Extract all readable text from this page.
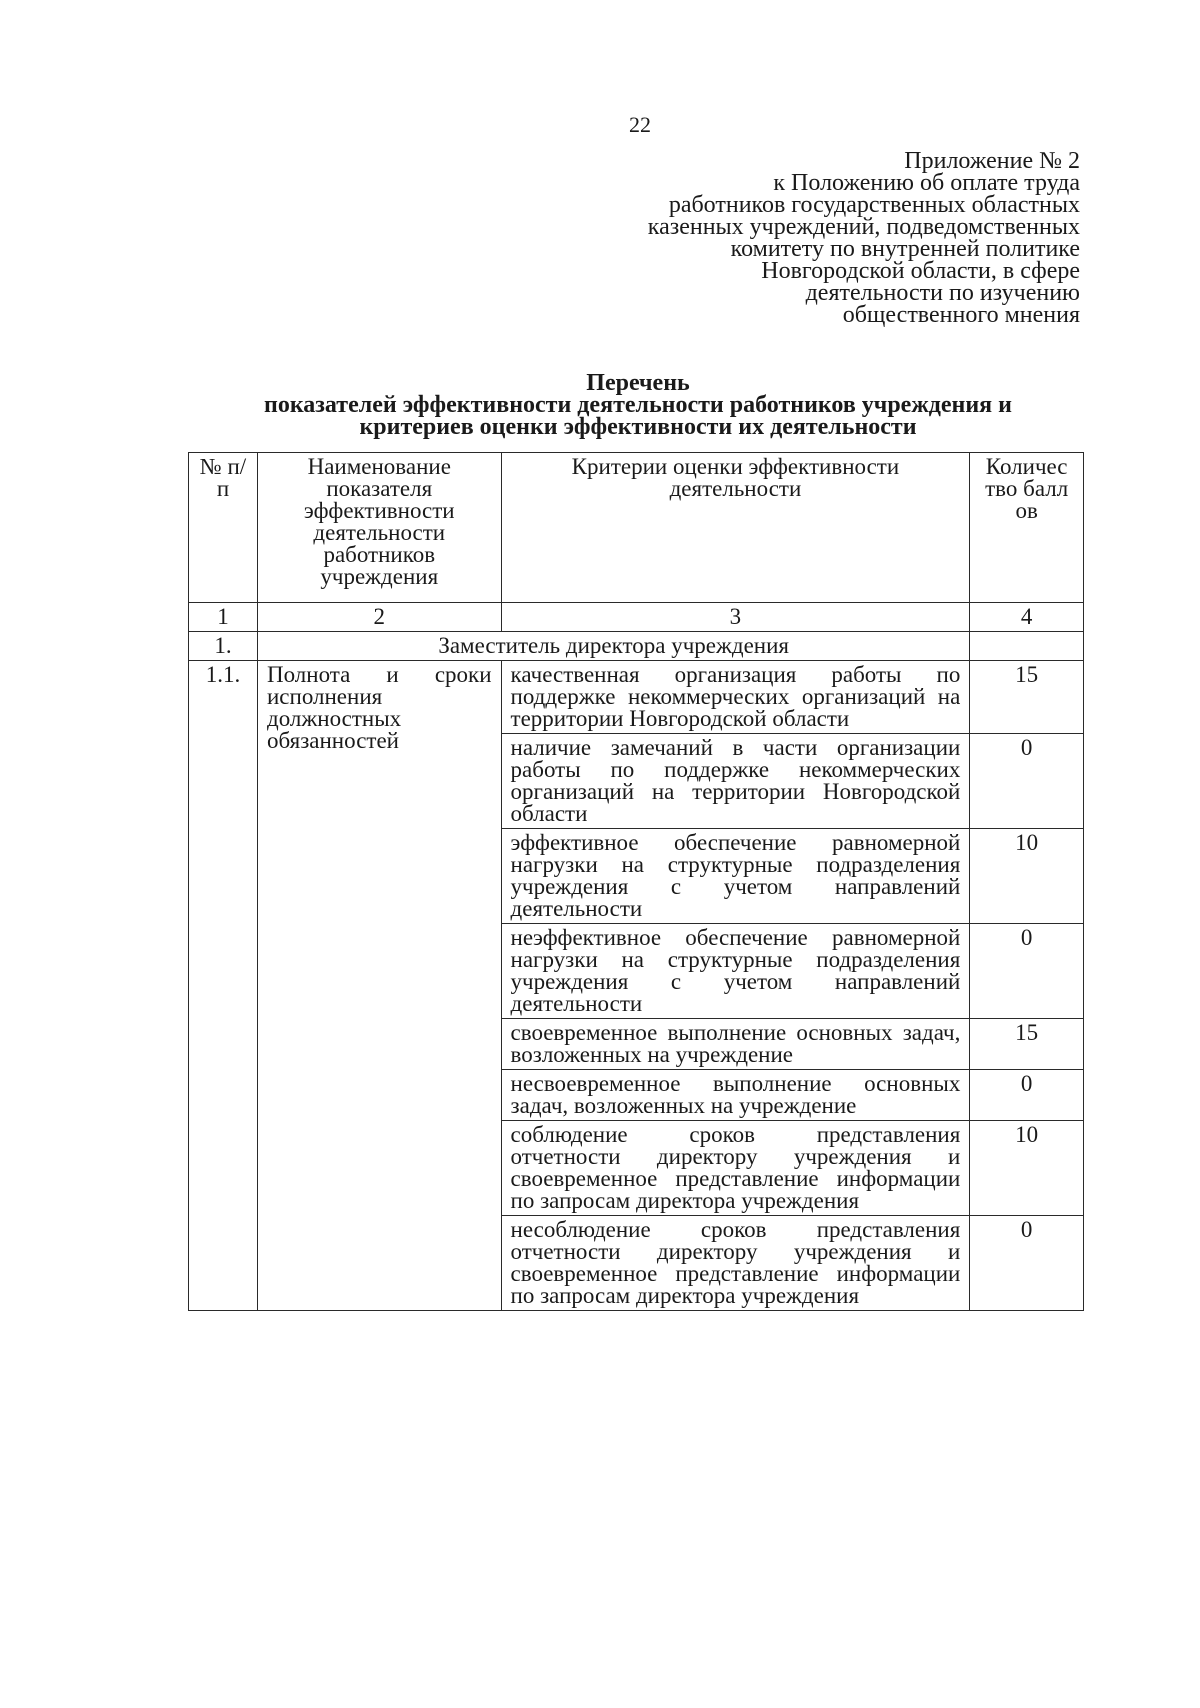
22
Приложение № 2
к Положению об оплате труда
работников государственных областных
казенных учреждений, подведомственных
комитету по внутренней политике
Новгородской области, в сфере
деятельности по изучению
общественного мнения
Перечень
показателей эффективности деятельности работников учреждения и
критериев оценки эффективности их деятельности
№ п/п	Наименование показателя эффективности деятельности работников учреждения	Критерии оценки эффективности деятельности	Количество баллов
1	2	3	4
1.	Заместитель директора учреждения		
1.1.	Полнота и сроки исполнения должностных обязанностей	качественная организация работы по поддержке некоммерческих организаций на территории Новгородской области	15
		наличие замечаний в части организации работы по поддержке некоммерческих организаций на территории Новгородской области	0
		эффективное обеспечение равномерной нагрузки на структурные подразделения учреждения с учетом направлений деятельности	10
		неэффективное обеспечение равномерной нагрузки на структурные подразделения учреждения с учетом направлений деятельности	0
		своевременное выполнение основных задач, возложенных на учреждение	15
		несвоевременное выполнение основных задач, возложенных на учреждение	0
		соблюдение сроков представления отчетности директору учреждения и своевременное представление информации по запросам директора учреждения	10
		несоблюдение сроков представления отчетности директору учреждения и своевременное представление информации по запросам директора учреждения	0
